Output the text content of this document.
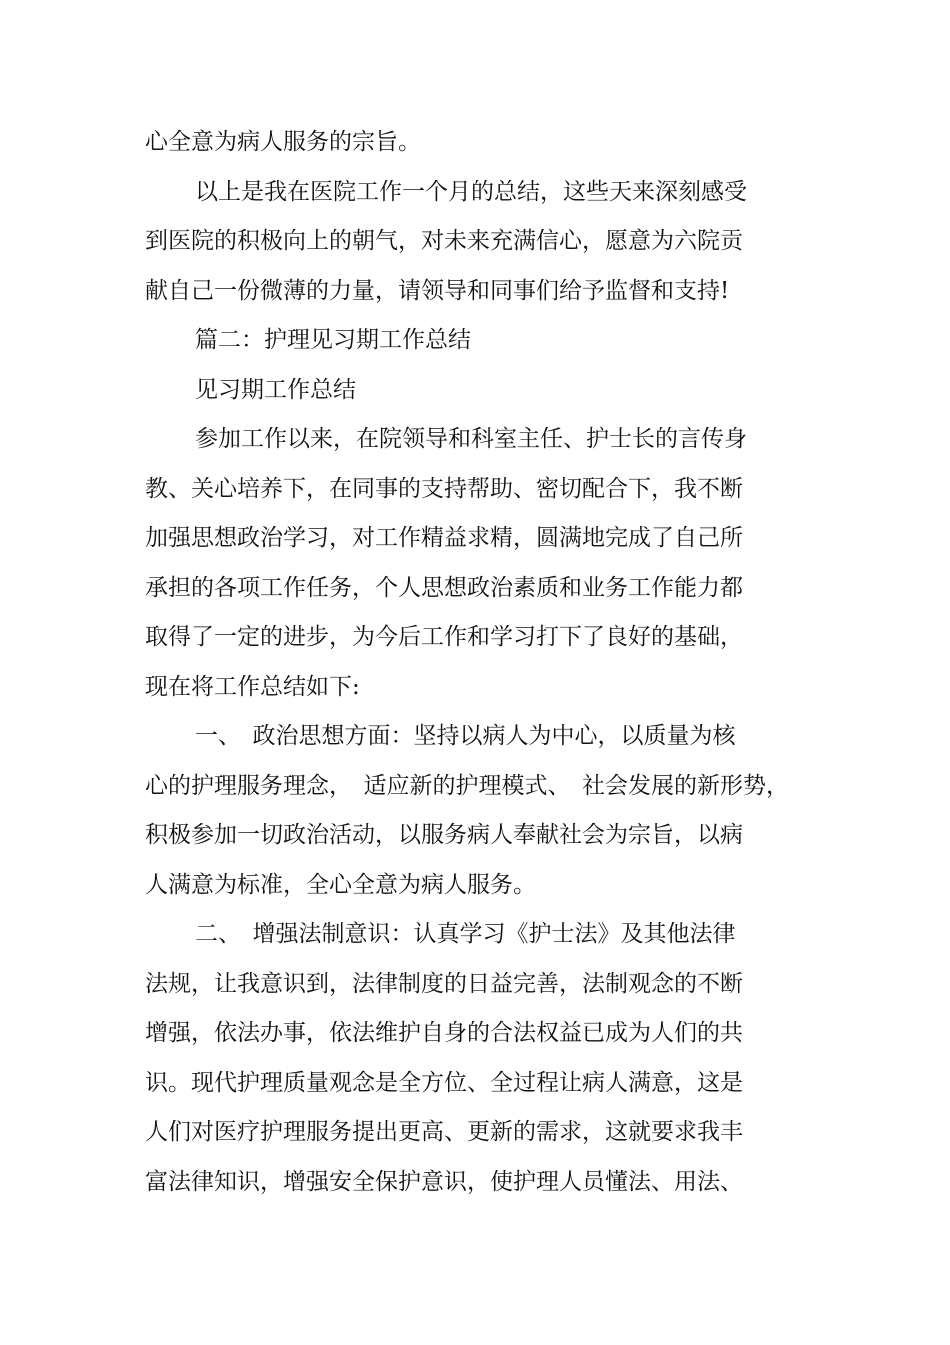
心全意为病人服务的宗旨。
以上是我在医院工作一个月的总结，这些天来深刻感受
到医院的积极向上的朝气，对未来充满信心，愿意为六院贡
献自己一份微薄的力量，请领导和同事们给予监督和支持!
篇二：护理见习期工作总结
见习期工作总结
参加工作以来，在院领导和科室主任、护士长的言传身
教、关心培养下，在同事的支持帮助、密切配合下，我不断
加强思想政治学习，对工作精益求精，圆满地完成了自己所
承担的各项工作任务，个人思想政治素质和业务工作能力都
取得了一定的进步，为今后工作和学习打下了良好的基础，
现在将工作总结如下:
一、　政治思想方面：坚持以病人为中心，以质量为核
心的护理服务理念，　适应新的护理模式、　社会发展的新形势，
积极参加一切政治活动，以服务病人奉献社会为宗旨，以病
人满意为标准，全心全意为病人服务。
二、　增强法制意识：认真学习《护士法》及其他法律
法规，让我意识到，法律制度的日益完善，法制观念的不断
增强，依法办事，依法维护自身的合法权益已成为人们的共
识。现代护理质量观念是全方位、全过程让病人满意，这是
人们对医疗护理服务提出更高、更新的需求，这就要求我丰
富法律知识，增强安全保护意识，使护理人员懂法、用法、
